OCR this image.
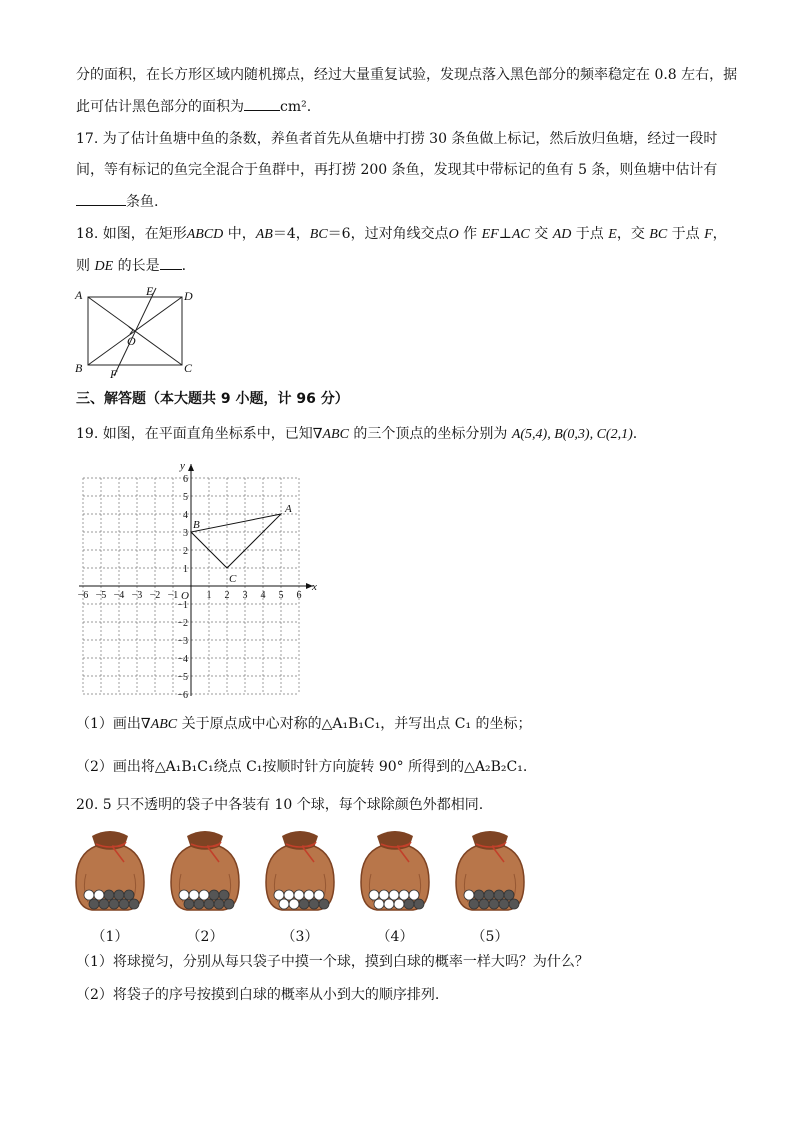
分的面积，在长方形区域内随机掷点，经过大量重复试验，发现点落入黑色部分的频率稳定在 0.8 左右，据
此可估计黑色部分的面积为	cm².
17. 为了估计鱼塘中鱼的条数，养鱼者首先从鱼塘中打捞 30 条鱼做上标记，然后放归鱼塘，经过一段时
间，等有标记的鱼完全混合于鱼群中，再打捞 200 条鱼，发现其中带标记的鱼有 5 条，则鱼塘中估计有
条鱼.
18. 如图，在矩形ABCD 中，AB＝4，BC＝6，过对角线交点O 作 EF⊥AC 交 AD 于点 E，交 BC 于点 F，
则 DE 的长是 .
A	D
B	C
E
F
O
三、解答题（本大题共 9 小题，计 96 分）
19. 如图，在平面直角坐标系中，已知∇ABC 的三个顶点的坐标分别为 A(5,4), B(0,3), C(2,1).
−6 −5 −4 −3 −2 −1	1 2 3 4 5 6
6
5
4
3
2
1
−1
−2
−3
−4
−5
−6
O
x
y
A
B
C
（1）画出∇ABC 关于原点成中心对称的△A₁B₁C₁，并写出点 C₁ 的坐标；
（2）画出将△A₁B₁C₁绕点 C₁按顺时针方向旋转 90° 所得到的△A₂B₂C₁.
20. 5 只不透明的袋子中各装有 10 个球，每个球除颜色外都相同.
（1）	（2）	（3）	（4）	（5）
（1）将球搅匀，分别从每只袋子中摸一个球，摸到白球的概率一样大吗？为什么？
（2）将袋子的序号按摸到白球的概率从小到大的顺序排列.
